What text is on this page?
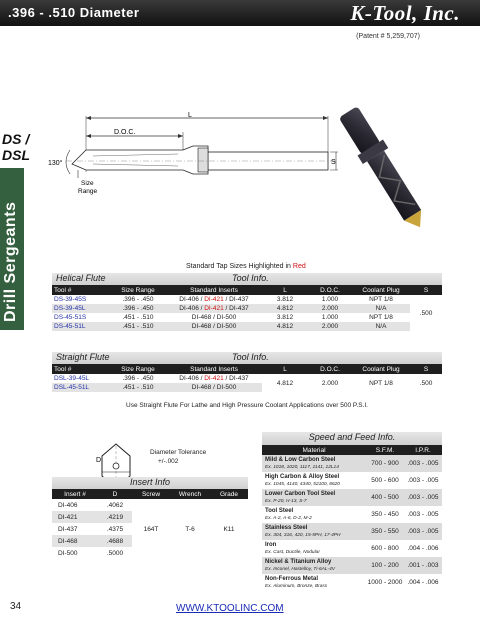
.396 - .510 Diameter	K-Tool, Inc.
(Patent # 5,259,707)
DS /
DSL
Drill Sergeants
L
D.O.C.
S
130°
Size
Range
Standard Tap Sizes Highlighted in Red
Helical Flute	Tool Info.
Tool #	Size Range	Standard Inserts	L	D.O.C.	Coolant Plug	S
DS-39-45S	.396 - .450	DI-406 / DI-421 / DI-437	3.812	1.000	NPT 1/8	.500
DS-39-45L	.396 - .450	DI-406 / DI-421 / DI-437	4.812	2.000	N/A	
DS-45-51S	.451 - .510	DI-468 / DI-500	3.812	1.000	NPT 1/8	
DS-45-51L	.451 - .510	DI-468 / DI-500	4.812	2.000	N/A	
Straight Flute	Tool Info.
Tool #	Size Range	Standard Inserts	L	D.O.C.	Coolant Plug	S
DSL-39-45L	.396 - .450	DI-406 / DI-421 / DI-437	4.812	2.000	NPT 1/8	.500
DSL-45-51L	.451 - .510	DI-468 / DI-500				
Use Straight Flute For Lathe and High Pressure Coolant Applications over 500 P.S.I.
D
Diameter Tolerance
+/-.002
Insert Info
Insert #	D	Screw	Wrench	Grade
DI-406	.4062	164T	T-6	K11
DI-421	.4219			
DI-437	.4375			
DI-468	.4688			
DI-500	.5000			
Speed and Feed Info.
Material	S.F.M.	I.P.R.

Mild & Low Carbon Steel
Ex. 1018, 1020, 1117, 1141, 12L14	700 - 900	.003 - .005

High Carbon & Alloy Steel
Ex. 1045, 4140, 4340, 52100, 8620	500 - 600	.003 - .005

Lower Carbon Tool Steel
Ex. P-20, H-13, S-7	400 - 500	.003 - .005

Tool Steel
Ex. A-2, A-6, D-2, M-2	350 - 450	.003 - .005

Stainless Steel
Ex. 304, 316, 420, 15-5PH, 17-4PH	350 - 550	.003 - .005

Iron
Ex. Cast, Ductile, Nodular	600 - 800	.004 - .006

Nickel & Titanium Alloy
Ex. Inconel, Hastelloy, Ti-6AL-4V	100 - 200	.001 - .003

Non-Ferrous Metal
Ex. Aluminum, Bronze, Brass	1000 - 2000	.004 - .006
34	WWW.KTOOLINC.COM
